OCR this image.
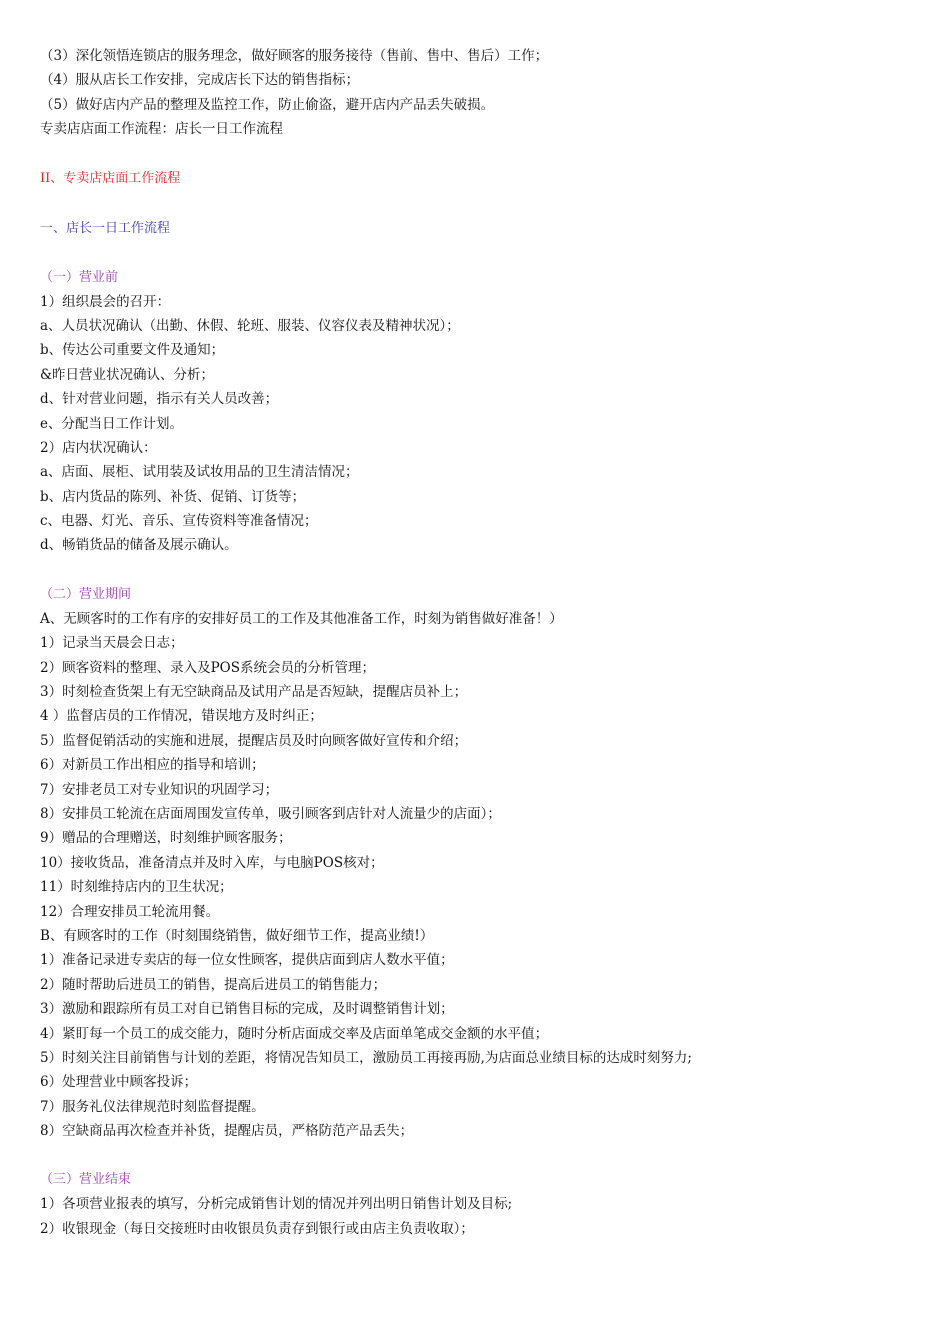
（3）深化领悟连锁店的服务理念，做好顾客的服务接待（售前、售中、售后）工作；
（4）服从店长工作安排，完成店长下达的销售指标；
（5）做好店内产品的整理及监控工作，防止偷盗，避开店内产品丢失破损。
专卖店店面工作流程：店长一日工作流程
II、专卖店店面工作流程
一、店长一日工作流程
（一）营业前
1）组织晨会的召开：
a、人员状况确认（出勤、休假、轮班、服装、仪容仪表及精神状况）；
b、传达公司重要文件及通知；
&昨日营业状况确认、分析；
d、针对营业问题，指示有关人员改善；
e、分配当日工作计划。
2）店内状况确认：
a、店面、展柜、试用装及试妆用品的卫生清洁情况；
b、店内货品的陈列、补货、促销、订货等；
c、电器、灯光、音乐、宣传资料等准备情况；
d、畅销货品的储备及展示确认。
（二）营业期间
A、无顾客时的工作有序的安排好员工的工作及其他准备工作，时刻为销售做好准备！）
1）记录当天晨会日志；
2）顾客资料的整理、录入及POS系统会员的分析管理；
3）时刻检查货架上有无空缺商品及试用产品是否短缺，提醒店员补上；
4 ）监督店员的工作情况，错误地方及时纠正；
5）监督促销活动的实施和进展，提醒店员及时向顾客做好宣传和介绍；
6）对新员工作出相应的指导和培训；
7）安排老员工对专业知识的巩固学习；
8）安排员工轮流在店面周围发宣传单，吸引顾客到店针对人流量少的店面）；
9）赠品的合理赠送，时刻维护顾客服务；
10）接收货品，准备清点并及时入库，与电脑POS核对；
11）时刻维持店内的卫生状况；
12）合理安排员工轮流用餐。
B、有顾客时的工作（时刻围绕销售，做好细节工作，提高业绩!）
1）准备记录进专卖店的每一位女性顾客，提供店面到店人数水平值；
2）随时帮助后进员工的销售，提高后进员工的销售能力；
3）激励和跟踪所有员工对自已销售目标的完成，及时调整销售计划；
4）紧盯每一个员工的成交能力，随时分析店面成交率及店面单笔成交金额的水平值；
5）时刻关注目前销售与计划的差距，将情况告知员工，激励员工再接再励,为店面总业绩目标的达成时刻努力;
6）处理营业中顾客投诉；
7）服务礼仪法律规范时刻监督提醒。
8）空缺商品再次检查并补货，提醒店员，严格防范产品丢失；
（三）营业结束
1）各项营业报表的填写，分析完成销售计划的情况并列出明日销售计划及目标;
2）收银现金（每日交接班时由收银员负责存到银行或由店主负责收取）；
